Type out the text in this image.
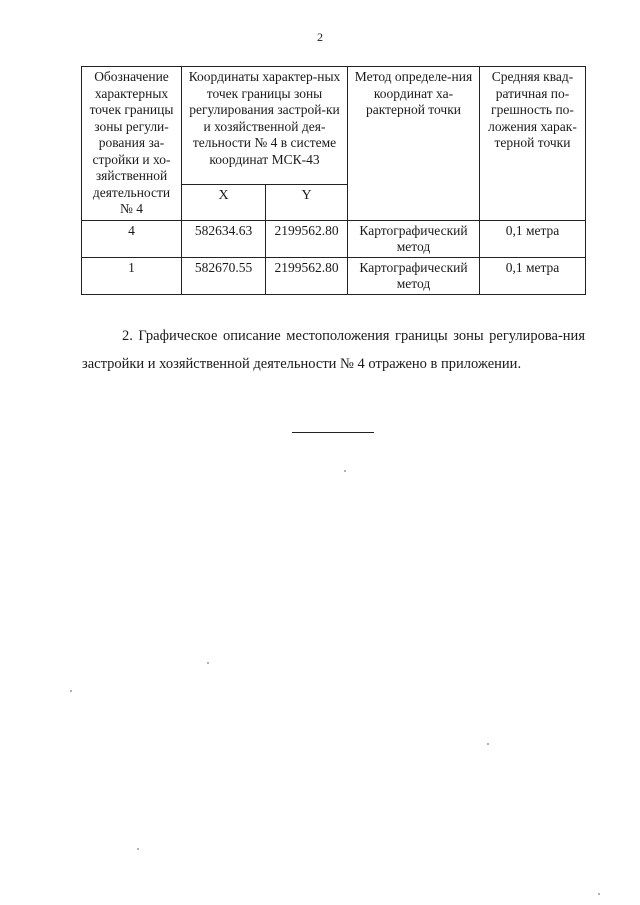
2
Обозначение характерных точек границы зоны регули-рования за-стройки и хо-зяйственной деятельности № 4	Координаты характер-ных точек границы зоны регулирования застрой-ки и хозяйственной дея-тельности № 4 в системе координат МСК-43		Метод определе-ния координат ха-рактерной точки	Средняя квад-ратичная по-грешность по-ложения харак-терной точки
	X	Y		
4	582634.63	2199562.80	Картографический метод	0,1 метра
1	582670.55	2199562.80	Картографический метод	0,1 метра

2. Графическое описание местоположения границы зоны регулирова-ния застройки и хозяйственной деятельности № 4 отражено в приложении.
